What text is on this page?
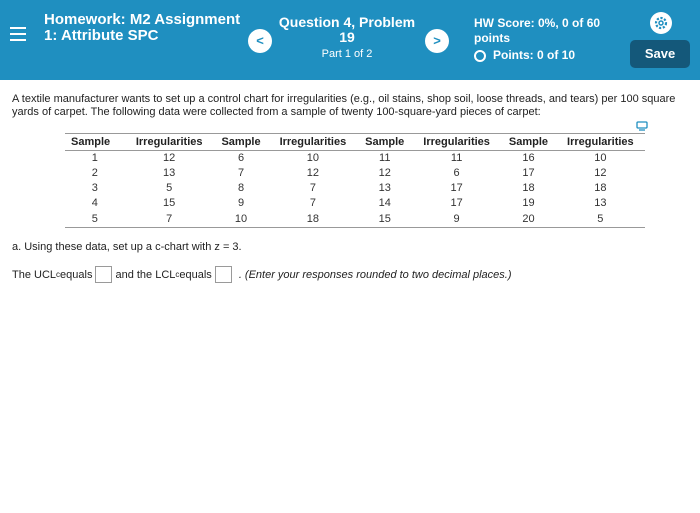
Homework: M2 Assignment 1: Attribute SPC	<
Question 4, Problem 19
Part 1 of 2
>
HW Score: 0%, 0 of 60 points
Points: 0 of 10	Save
A textile manufacturer wants to set up a control chart for irregularities (e.g., oil stains, shop soil, loose threads, and tears) per 100 square yards of carpet. The following data were collected from a sample of twenty 100-square-yard pieces of carpet:
Sample	Irregularities	Sample	Irregularities	Sample	Irregularities	Sample	Irregularities
1	12	6	10	11	11	16	10
2	13	7	12	12	6	17	12
3	5	8	7	13	17	18	18
4	15	9	7	14	17	19	13
5	7	10	18	15	9	20	5
a. Using these data, set up a c-chart with z = 3.
The UCL c equals and the LCL c equals . (Enter your responses rounded to two decimal places.)
